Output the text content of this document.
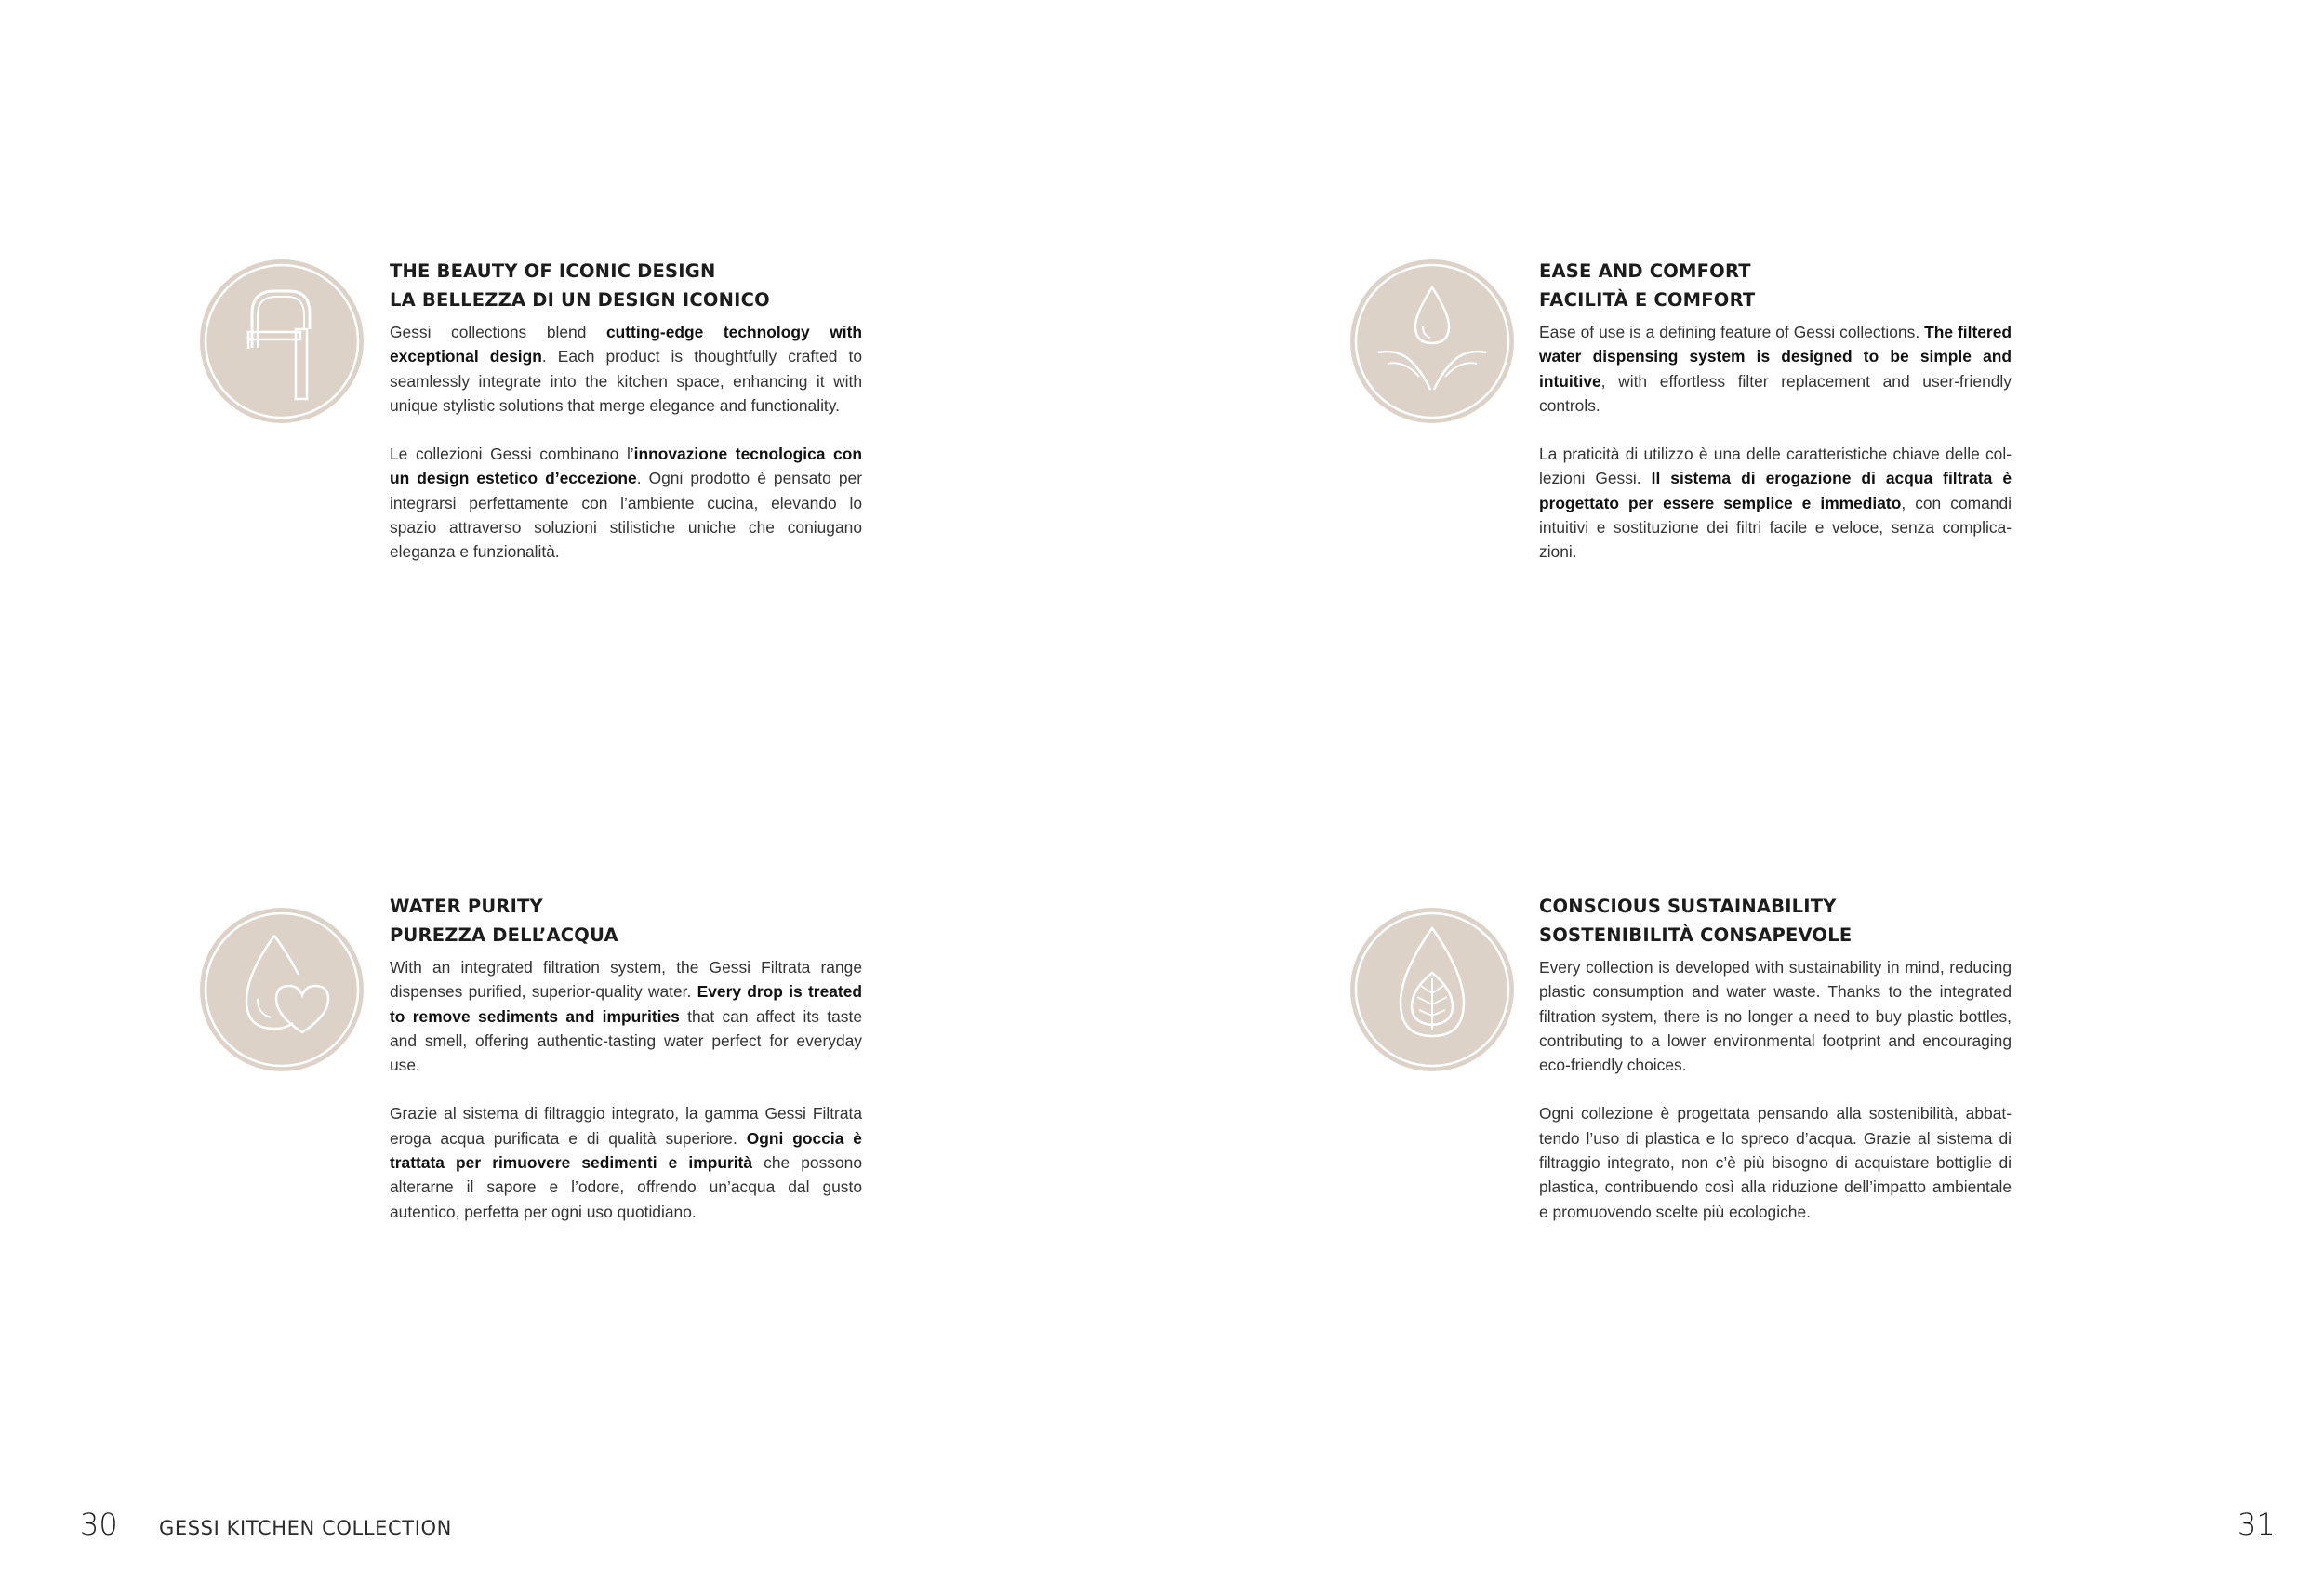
THE BEAUTY OF ICONIC DESIGN

LA BELLEZZA DI UN DESIGN ICONICO

Gessi collections blend cutting-edge technology with exceptional design. Each product is thoughtfully crafted to seamlessly integrate into the kitchen space, enhancing it with unique stylistic solutions that merge elegance and functionality.

Le collezioni Gessi combinano l’innovazione tecnologica con un design estetico d’eccezione. Ogni prodotto è pensato per integrarsi perfettamente con l’ambiente cucina, elevando lo spazio attraverso soluzioni stilistiche uniche che coniugano eleganza e funzionalità.

EASE AND COMFORT

FACILITÀ E COMFORT

Ease of use is a defining feature of Gessi collections. The filtered water dispensing system is designed to be simple and intuitive, with effortless filter replacement and user-friendly controls.

La praticità di utilizzo è una delle caratteristiche chiave delle collezioni Gessi. Il sistema di erogazione di acqua filtrata è progettato per essere semplice e immediato, con comandi intuitivi e sostituzione dei filtri facile e veloce, senza complicazioni.

WATER PURITY

PUREZZA DELL’ACQUA

With an integrated filtration system, the Gessi Filtrata range dispenses purified, superior-quality water. Every drop is treated to remove sediments and impurities that can affect its taste and smell, offering authentic-tasting water perfect for everyday use.

Grazie al sistema di filtraggio integrato, la gamma Gessi Filtrata eroga acqua purificata e di qualità superiore. Ogni goccia è trattata per rimuovere sedimenti e impurità che possono alterarne il sapore e l’odore, offrendo un’acqua dal gusto autentico, perfetta per ogni uso quotidiano.

CONSCIOUS SUSTAINABILITY

SOSTENIBILITÀ CONSAPEVOLE

Every collection is developed with sustainability in mind, reducing plastic consumption and water waste. Thanks to the integrated filtration system, there is no longer a need to buy plastic bottles, contributing to a lower environmental footprint and encouraging eco-friendly choices.

Ogni collezione è progettata pensando alla sostenibilità, abbattendo l’uso di plastica e lo spreco d’acqua. Grazie al sistema di filtraggio integrato, non c’è più bisogno di acquistare bottiglie di plastica, contribuendo così alla riduzione dell’impatto ambientale e promuovendo scelte più ecologiche.

30 GESSI KITCHEN COLLECTION	31
